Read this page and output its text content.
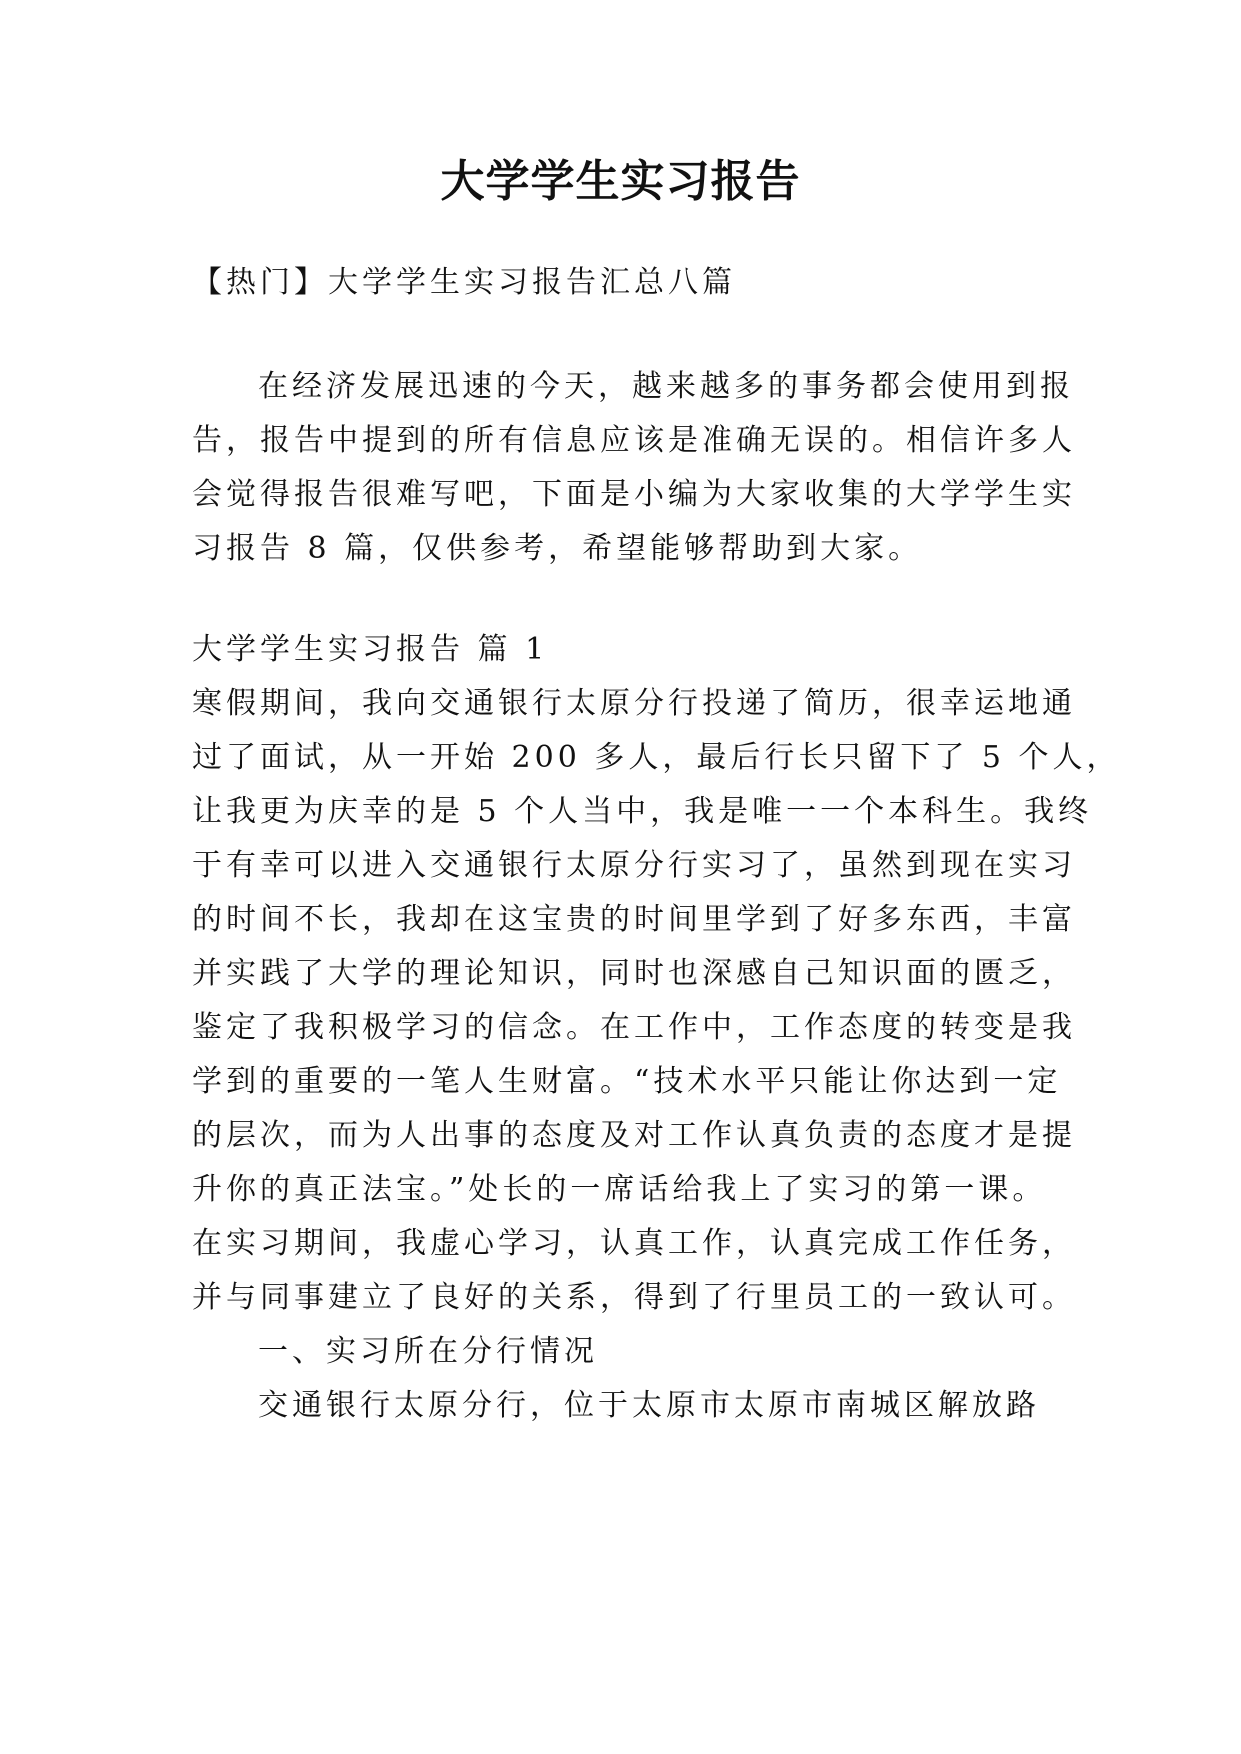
大学学生实习报告
【热门】大学学生实习报告汇总八篇
在经济发展迅速的今天，越来越多的事务都会使用到报
告，报告中提到的所有信息应该是准确无误的。相信许多人
会觉得报告很难写吧，下面是小编为大家收集的大学学生实
习报告 8 篇，仅供参考，希望能够帮助到大家。
大学学生实习报告 篇 1
寒假期间，我向交通银行太原分行投递了简历，很幸运地通
过了面试，从一开始 200 多人，最后行长只留下了 5 个人，
让我更为庆幸的是 5 个人当中，我是唯一一个本科生。我终
于有幸可以进入交通银行太原分行实习了，虽然到现在实习
的时间不长，我却在这宝贵的时间里学到了好多东西，丰富
并实践了大学的理论知识，同时也深感自己知识面的匮乏，
鉴定了我积极学习的信念。在工作中，工作态度的转变是我
学到的重要的一笔人生财富。“技术水平只能让你达到一定
的层次，而为人出事的态度及对工作认真负责的态度才是提
升你的真正法宝。”处长的一席话给我上了实习的第一课。
在实习期间，我虚心学习，认真工作，认真完成工作任务，
并与同事建立了良好的关系，得到了行里员工的一致认可。
一、实习所在分行情况
交通银行太原分行，位于太原市太原市南城区解放路
